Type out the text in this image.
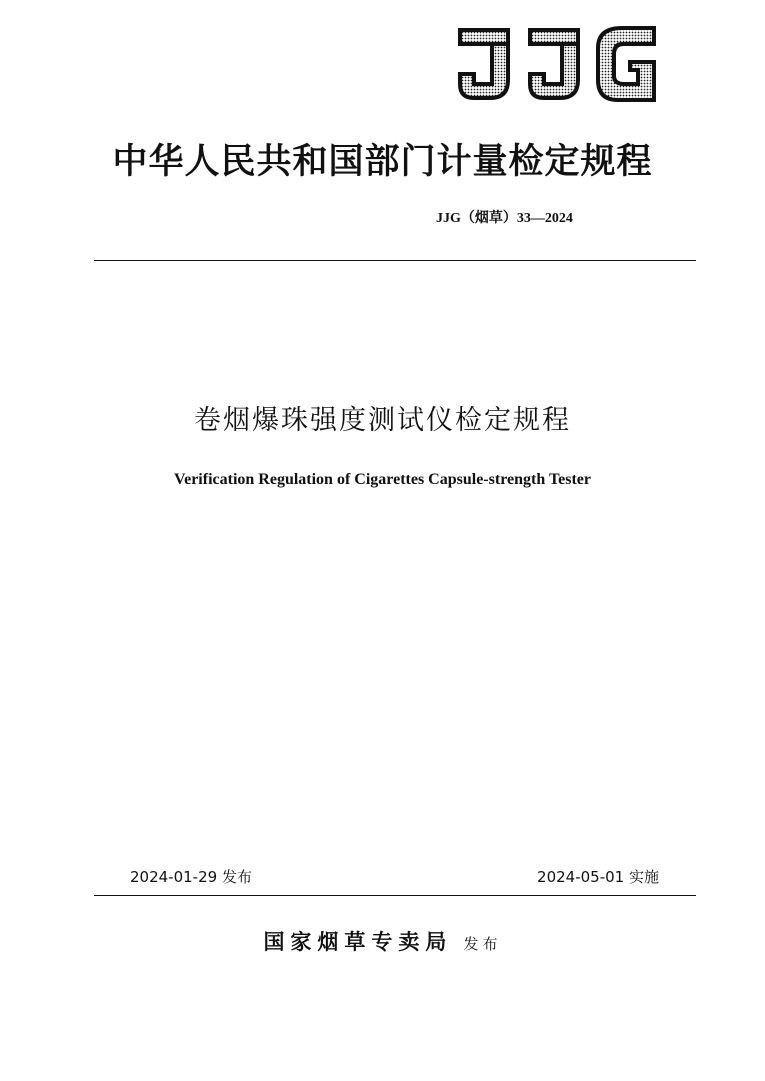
JJG
中华人民共和国部门计量检定规程
JJG（烟草）33—2024
卷烟爆珠强度测试仪检定规程
Verification Regulation of Cigarettes Capsule-strength Tester
2024-01-29 发布	2024-05-01 实施
国家烟草专卖局 发布
